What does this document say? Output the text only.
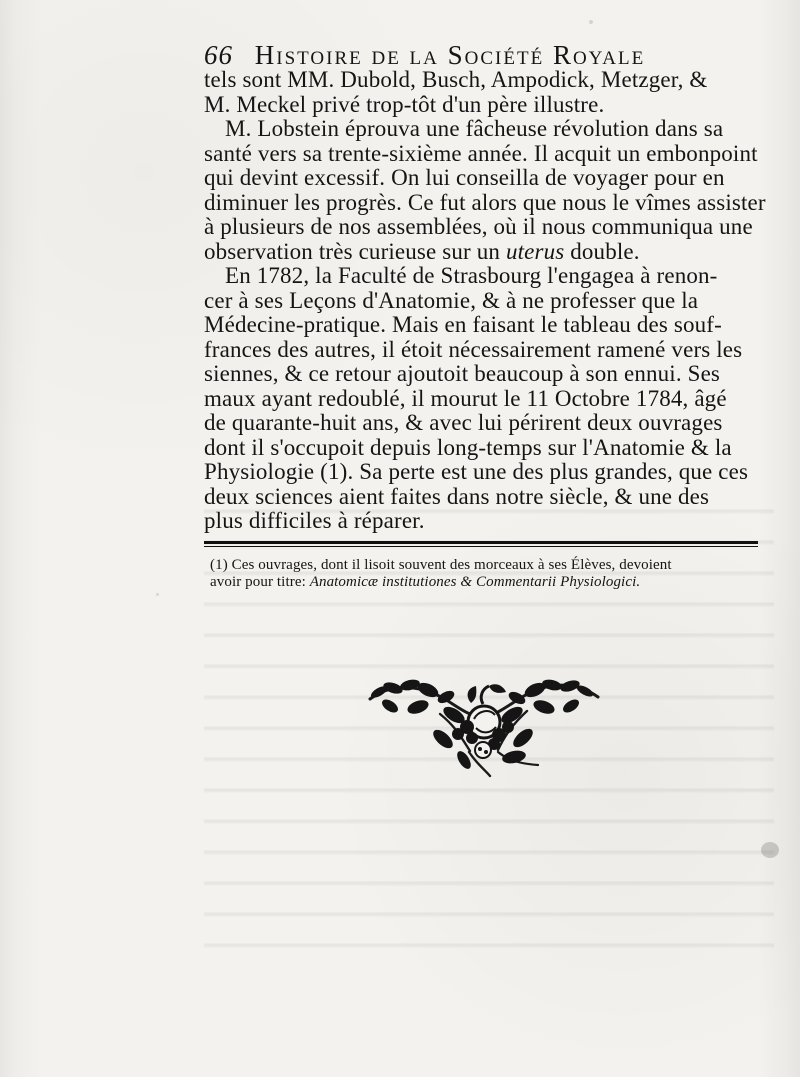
66 Histoire de la Société Royale
tels sont MM. Dubold, Busch, Ampodick, Metzger, &
M. Meckel privé trop-tôt d'un père illustre.
M. Lobstein éprouva une fâcheuse révolution dans sa
santé vers sa trente-sixième année. Il acquit un embonpoint
qui devint excessif. On lui conseilla de voyager pour en
diminuer les progrès. Ce fut alors que nous le vîmes assister
à plusieurs de nos assemblées, où il nous communiqua une
observation très curieuse sur un uterus double.
En 1782, la Faculté de Strasbourg l'engagea à renon-
cer à ses Leçons d'Anatomie, & à ne professer que la
Médecine-pratique. Mais en faisant le tableau des souf-
frances des autres, il étoit nécessairement ramené vers les
siennes, & ce retour ajoutoit beaucoup à son ennui. Ses
maux ayant redoublé, il mourut le 11 Octobre 1784, âgé
de quarante-huit ans, & avec lui périrent deux ouvrages
dont il s'occupoit depuis long-temps sur l'Anatomie & la
Physiologie (1). Sa perte est une des plus grandes, que ces
deux sciences aient faites dans notre siècle, & une des
plus difficiles à réparer.
(1) Ces ouvrages, dont il lisoit souvent des morceaux à ses Élèves, devoient
avoir pour titre: Anatomicæ institutiones & Commentarii Physiologici.
